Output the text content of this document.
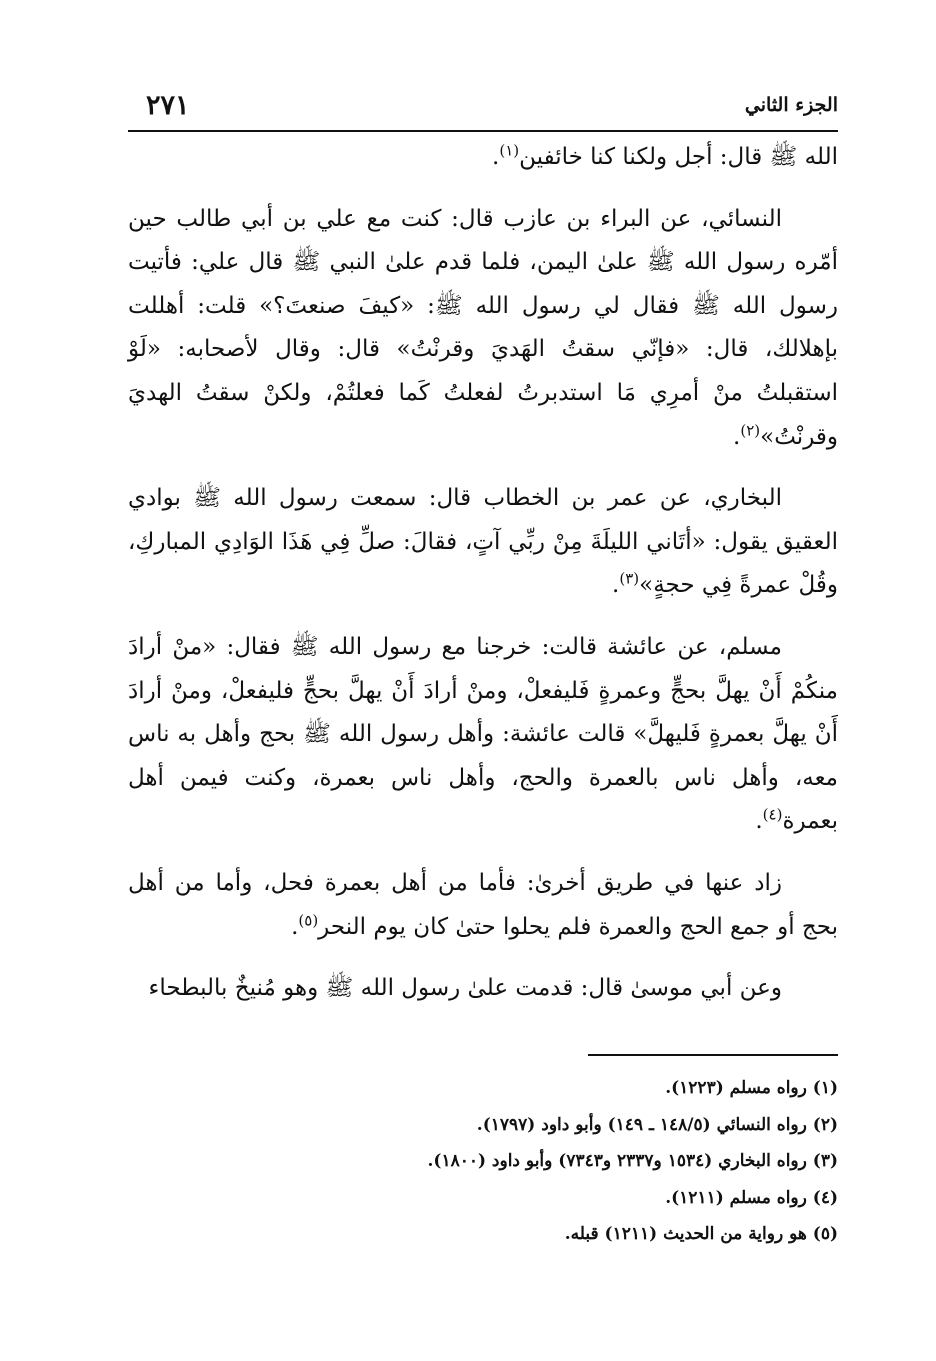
٢٧١	الجزء الثاني

الله ﷺ قال: أجل ولكنا كنا خائفين$^{(١)}$.

النسائي، عن البراء بن عازب قال: كنت مع علي بن أبي طالب حين أمّره رسول الله ﷺ علىٰ اليمن، فلما قدم علىٰ النبي ﷺ قال علي: فأتيت رسول الله ﷺ فقال لي رسول الله ﷺ: «كيفَ صنعتَ؟» قلت: أهللت بإهلالك، قال: «فإنّي سقتُ الهَديَ وقرنْتُ» قال: وقال لأصحابه: «لَوْ استقبلتُ منْ أمرِي مَا استدبرتُ لفعلتُ كَما فعلتُمْ، ولكنْ سقتُ الهديَ وقرنْتُ»$^{(٢)}$.

البخاري، عن عمر بن الخطاب قال: سمعت رسول الله ﷺ بوادي العقيق يقول: «أتَاني الليلَةَ مِنْ ربِّي آتٍ، فقالَ: صلِّ فِي هَذَا الوَادِي المباركِ، وقُلْ عمرةً فِي حجةٍ»$^{(٣)}$.

مسلم، عن عائشة قالت: خرجنا مع رسول الله ﷺ فقال: «منْ أرادَ منكُمْ أَنْ يهلَّ بحجٍّ وعمرةٍ فَليفعلْ، ومنْ أرادَ أَنْ يهلَّ بحجٍّ فليفعلْ، ومنْ أرادَ أَنْ يهلَّ بعمرةٍ فَليهلَّ» قالت عائشة: وأهل رسول الله ﷺ بحج وأهل به ناس معه، وأهل ناس بالعمرة والحج، وأهل ناس بعمرة، وكنت فيمن أهل بعمرة$^{(٤)}$.

زاد عنها في طريق أخرىٰ: فأما من أهل بعمرة فحل، وأما من أهل بحج أو جمع الحج والعمرة فلم يحلوا حتىٰ كان يوم النحر$^{(٥)}$.

وعن أبي موسىٰ قال: قدمت علىٰ رسول الله ﷺ وهو مُنيخٌ بالبطحاء

(١) رواه مسلم (١٢٢٣).
(٢) رواه النسائي (١٤٨/٥ ـ ١٤٩) وأبو داود (١٧٩٧).
(٣) رواه البخاري (١٥٣٤ و٢٣٣٧ و٧٣٤٣) وأبو داود (١٨٠٠).
(٤) رواه مسلم (١٢١١).
(٥) هو رواية من الحديث (١٢١١) قبله.
